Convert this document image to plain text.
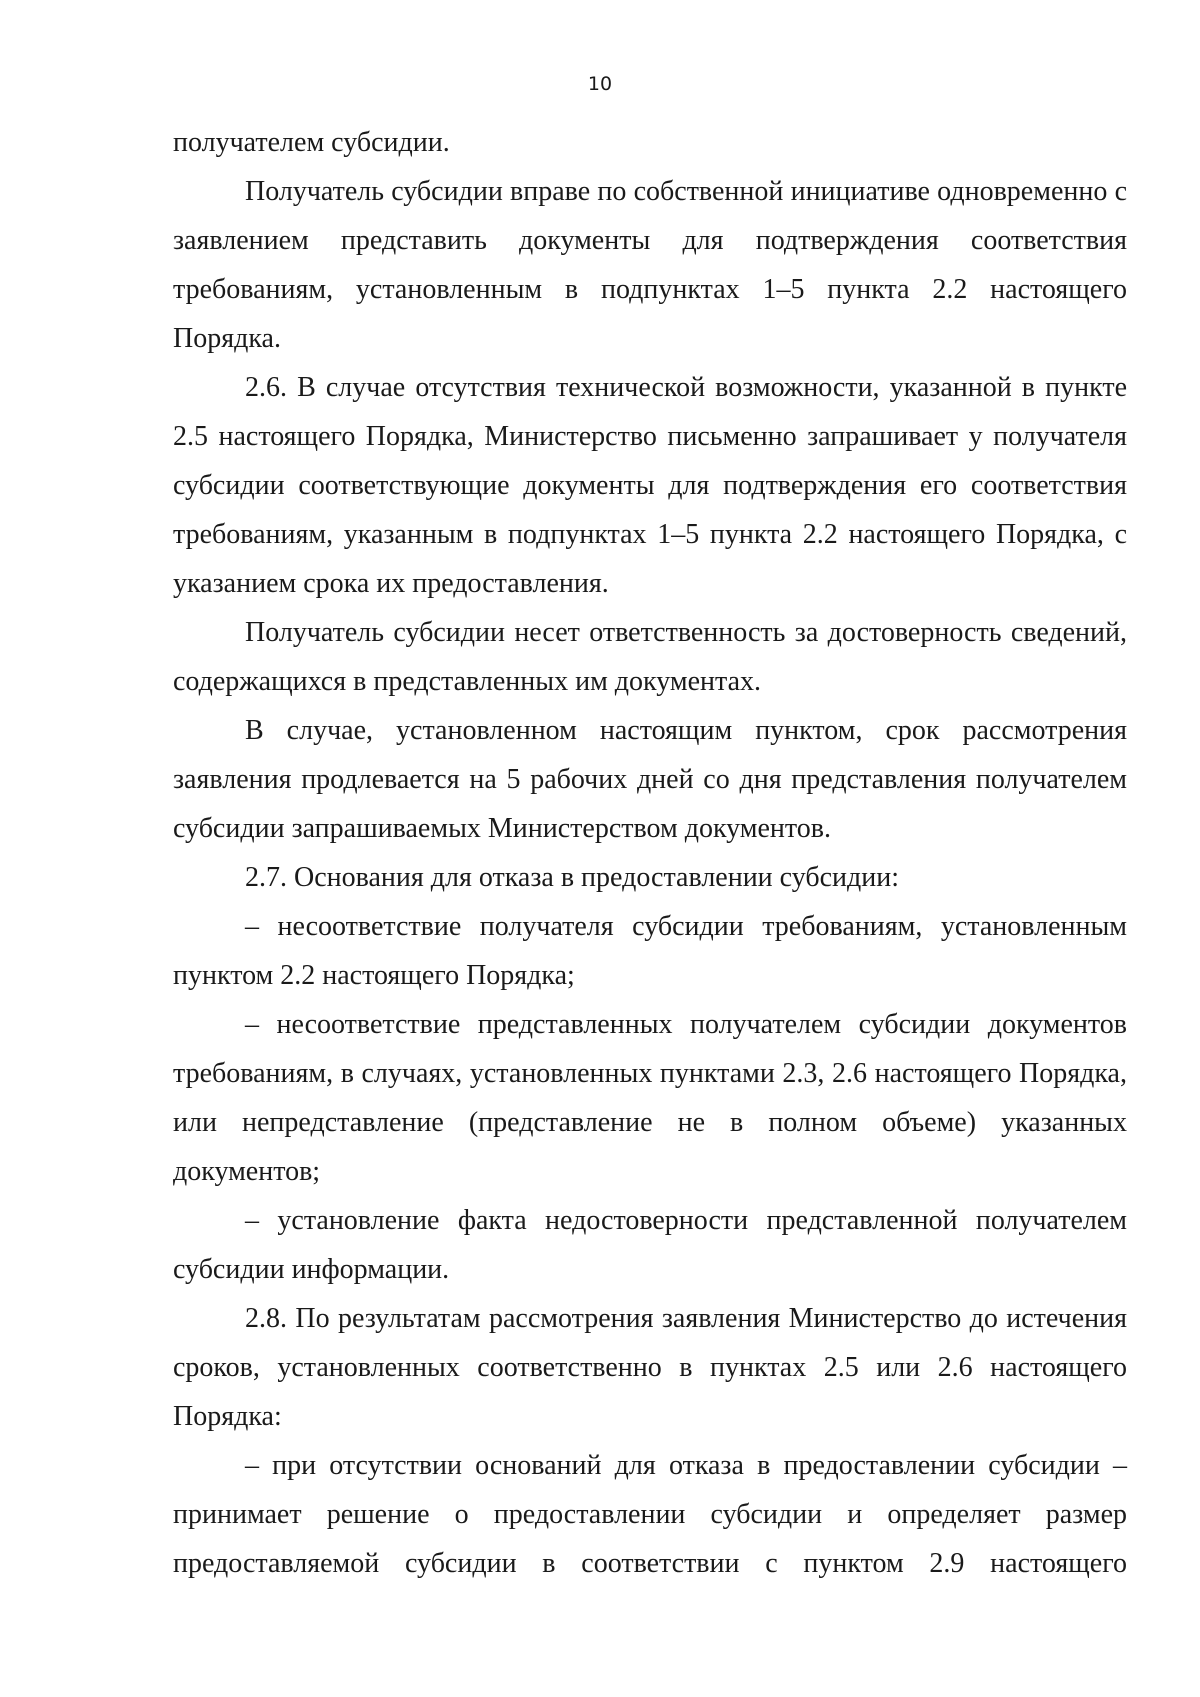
10

получателем субсидии.

Получатель субсидии вправе по собственной инициативе одновременно с заявлением представить документы для подтверждения соответствия требованиям, установленным в подпунктах 1–5 пункта 2.2 настоящего Порядка.

2.6. В случае отсутствия технической возможности, указанной в пункте 2.5 настоящего Порядка, Министерство письменно запрашивает у получателя субсидии соответствующие документы для подтверждения его соответствия требованиям, указанным в подпунктах 1–5 пункта 2.2 настоящего Порядка, с указанием срока их предоставления.

Получатель субсидии несет ответственность за достоверность сведений, содержащихся в представленных им документах.

В случае, установленном настоящим пунктом, срок рассмотрения заявления продлевается на 5 рабочих дней со дня представления получателем субсидии запрашиваемых Министерством документов.

2.7. Основания для отказа в предоставлении субсидии:

– несоответствие получателя субсидии требованиям, установленным пунктом 2.2 настоящего Порядка;

– несоответствие представленных получателем субсидии документов требованиям, в случаях, установленных пунктами 2.3, 2.6 настоящего Порядка, или непредставление (представление не в полном объеме) указанных документов;

– установление факта недостоверности представленной получателем субсидии информации.

2.8. По результатам рассмотрения заявления Министерство до истечения сроков, установленных соответственно в пунктах 2.5 или 2.6 настоящего Порядка:

– при отсутствии оснований для отказа в предоставлении субсидии – принимает решение о предоставлении субсидии и определяет размер предоставляемой субсидии в соответствии с пунктом 2.9 настоящего
